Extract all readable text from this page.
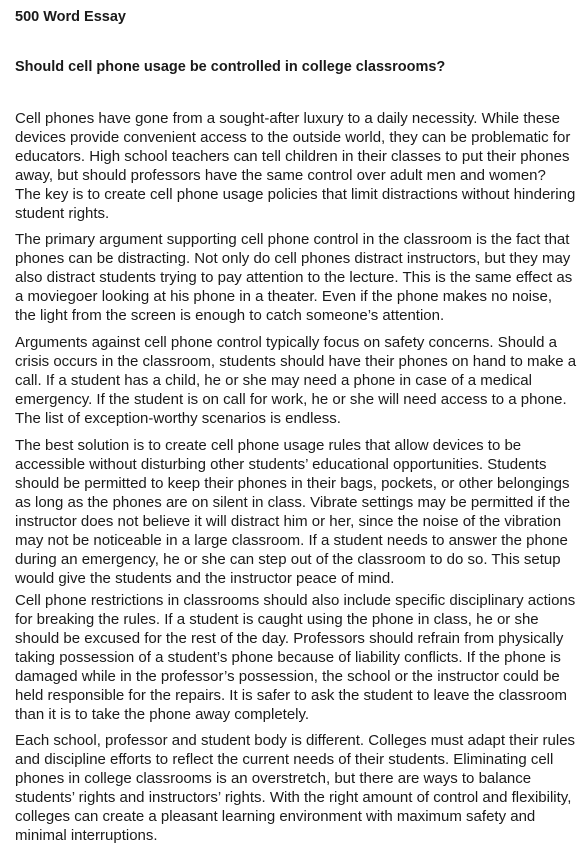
500 Word Essay
Should cell phone usage be controlled in college classrooms?

Cell phones have gone from a sought-after luxury to a daily necessity. While these
devices provide convenient access to the outside world, they can be problematic for
educators. High school teachers can tell children in their classes to put their phones
away, but should professors have the same control over adult men and women?
The key is to create cell phone usage policies that limit distractions without hindering
student rights.

The primary argument supporting cell phone control in the classroom is the fact that
phones can be distracting. Not only do cell phones distract instructors, but they may
also distract students trying to pay attention to the lecture. This is the same effect as
a moviegoer looking at his phone in a theater. Even if the phone makes no noise,
the light from the screen is enough to catch someone’s attention.

Arguments against cell phone control typically focus on safety concerns. Should a
crisis occurs in the classroom, students should have their phones on hand to make a
call. If a student has a child, he or she may need a phone in case of a medical
emergency. If the student is on call for work, he or she will need access to a phone.
The list of exception-worthy scenarios is endless.

The best solution is to create cell phone usage rules that allow devices to be
accessible without disturbing other students’ educational opportunities. Students
should be permitted to keep their phones in their bags, pockets, or other belongings
as long as the phones are on silent in class. Vibrate settings may be permitted if the
instructor does not believe it will distract him or her, since the noise of the vibration
may not be noticeable in a large classroom. If a student needs to answer the phone
during an emergency, he or she can step out of the classroom to do so. This setup
would give the students and the instructor peace of mind.

Cell phone restrictions in classrooms should also include specific disciplinary actions
for breaking the rules. If a student is caught using the phone in class, he or she
should be excused for the rest of the day. Professors should refrain from physically
taking possession of a student’s phone because of liability conflicts. If the phone is
damaged while in the professor’s possession, the school or the instructor could be
held responsible for the repairs. It is safer to ask the student to leave the classroom
than it is to take the phone away completely.

Each school, professor and student body is different. Colleges must adapt their rules
and discipline efforts to reflect the current needs of their students. Eliminating cell
phones in college classrooms is an overstretch, but there are ways to balance
students’ rights and instructors’ rights. With the right amount of control and flexibility,
colleges can create a pleasant learning environment with maximum safety and
minimal interruptions.
